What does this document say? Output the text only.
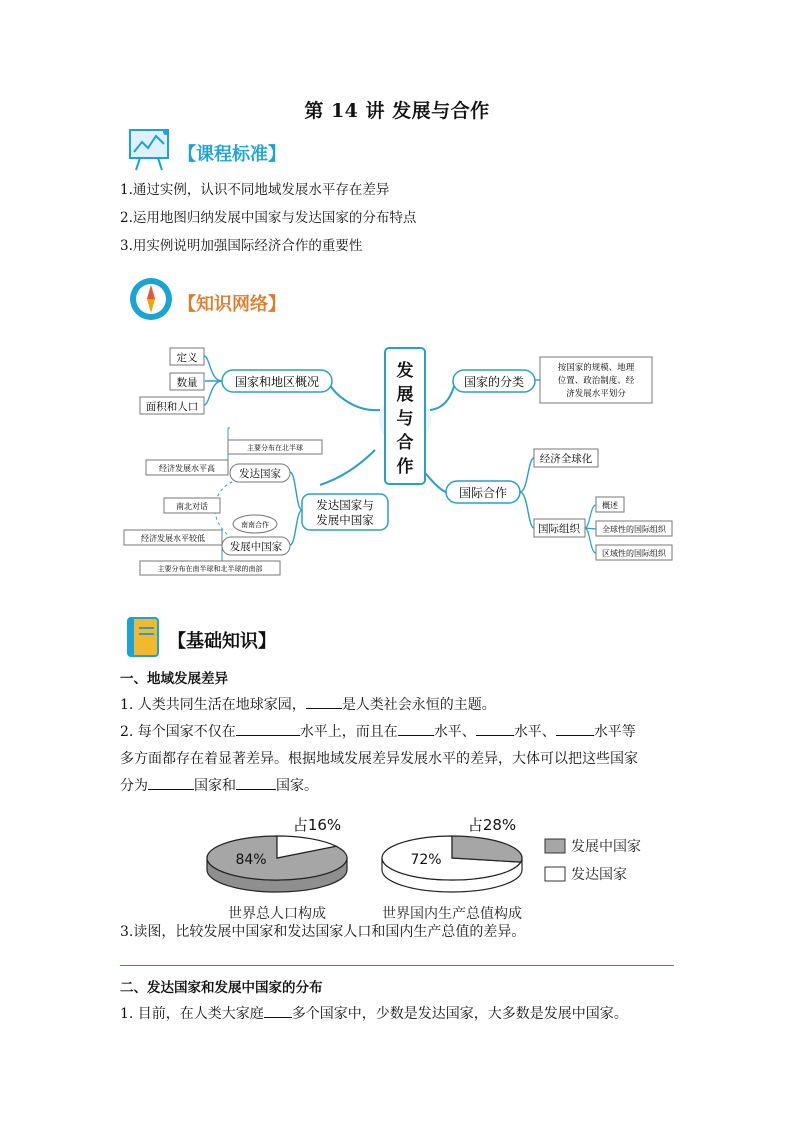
第 14 讲 发展与合作
【课程标准】
1.通过实例，认识不同地域发展水平存在差异
2.运用地图归纳发展中国家与发达国家的分布特点
3.用实例说明加强国际经济合作的重要性
【知识网络】
发
展
与
合
作
国家和地区概况
定义
数量
面积和人口
国家的分类
按国家的规模、地理
位置、政治制度、经
济发展水平划分
国际合作
经济全球化
国际组织
概述
全球性的国际组织
区域性的国际组织
发达国家与
发展中国家
发达国家
发展中国家
主要分布在北半球
经济发展水平高
南北对话
南南合作
经济发展水平较低
主要分布在南半球和北半球的南部
【基础知识】
一、地域发展差异
1. 人类共同生活在地球家园，	是人类社会永恒的主题。
2. 每个国家不仅在	水平上，而且在	水平、	水平、	水平等
多方面都存在着显著差异。根据地域发展差异发展水平的差异，大体可以把这些国家
分为	国家和	国家。
84%
占16%
72%
占28%
发展中国家
发达国家
世界总人口构成	世界国内生产总值构成
3.读图，比较发展中国家和发达国家人口和国内生产总值的差异。
二、发达国家和发展中国家的分布
1. 目前，在人类大家庭 多个国家中，少数是发达国家，大多数是发展中国家。
